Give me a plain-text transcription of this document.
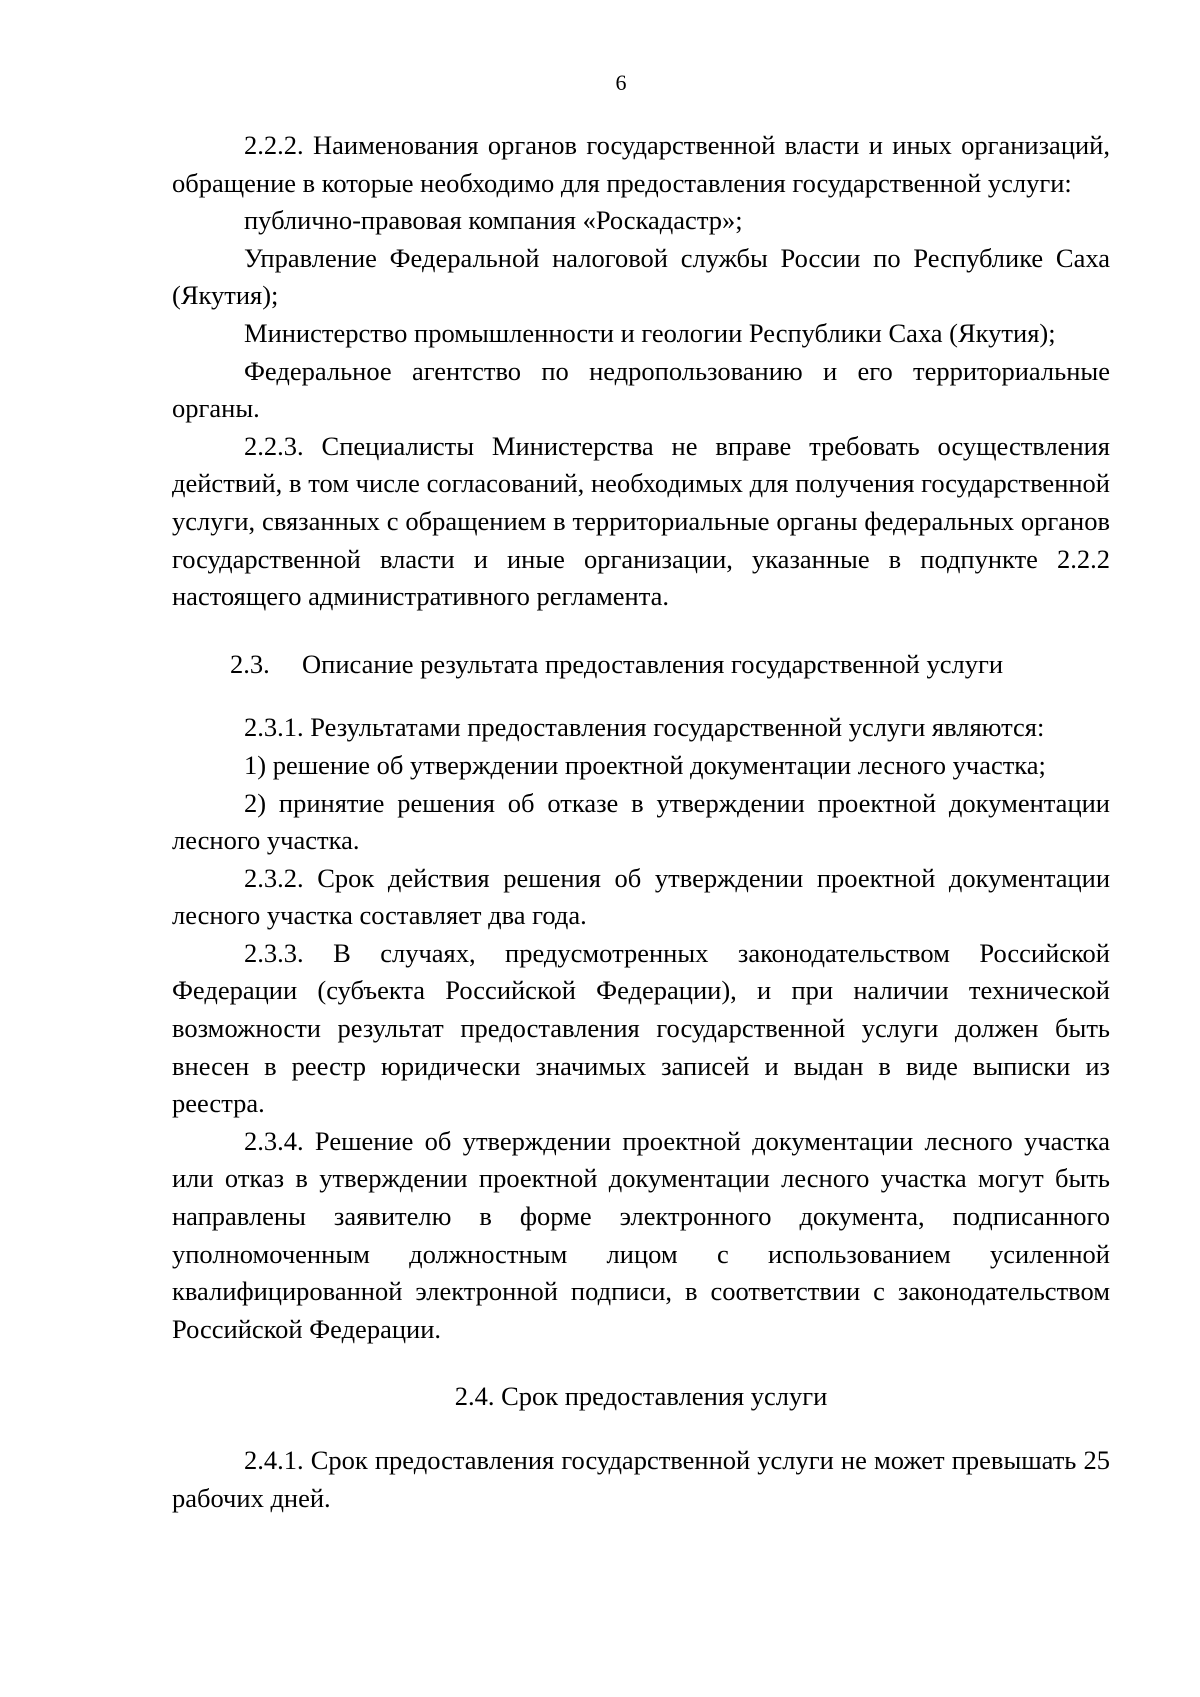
6

2.2.2. Наименования органов государственной власти и иных организаций, обращение в которые необходимо для предоставления государственной услуги:

публично-правовая компания «Роскадастр»;

Управление Федеральной налоговой службы России по Республике Саха (Якутия);

Министерство промышленности и геологии Республики Саха (Якутия);

Федеральное агентство по недропользованию и его территориальные органы.

2.2.3. Специалисты Министерства не вправе требовать осуществления действий, в том числе согласований, необходимых для получения государственной услуги, связанных с обращением в территориальные органы федеральных органов государственной власти и иные организации, указанные в подпункте 2.2.2 настоящего административного регламента.

2.3. Описание результата предоставления государственной услуги

2.3.1. Результатами предоставления государственной услуги являются:

1) решение об утверждении проектной документации лесного участка;

2) принятие решения об отказе в утверждении проектной документации лесного участка.

2.3.2. Срок действия решения об утверждении проектной документации лесного участка составляет два года.

2.3.3. В случаях, предусмотренных законодательством Российской Федерации (субъекта Российской Федерации), и при наличии технической возможности результат предоставления государственной услуги должен быть внесен в реестр юридически значимых записей и выдан в виде выписки из реестра.

2.3.4. Решение об утверждении проектной документации лесного участка или отказ в утверждении проектной документации лесного участка могут быть направлены заявителю в форме электронного документа, подписанного уполномоченным должностным лицом с использованием усиленной квалифицированной электронной подписи, в соответствии с законодательством Российской Федерации.

2.4. Срок предоставления услуги

2.4.1. Срок предоставления государственной услуги не может превышать 25 рабочих дней.
